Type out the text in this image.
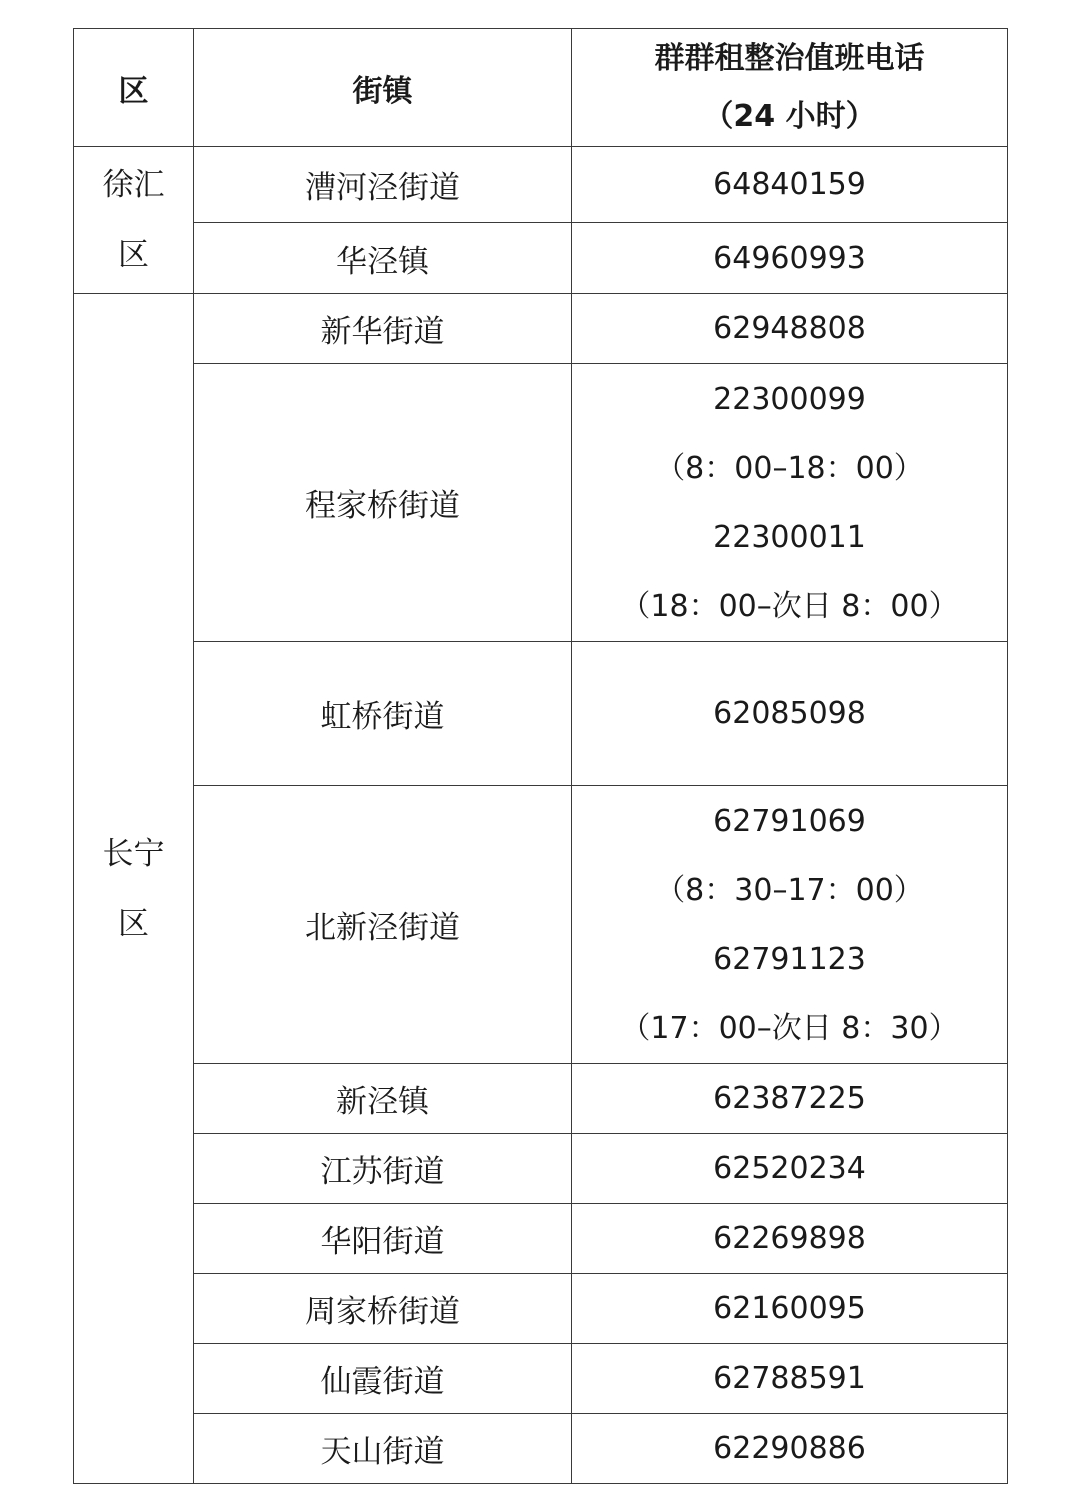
区	街镇	群群租整治值班电话
（24 小时）

徐汇
区	漕河泾街道	64840159
	华泾镇	64960993

长宁
区	新华街道	62948808

	程家桥街道	22300099
（8：00–18：00）
22300011
（18：00–次日 8：00）

	虹桥街道	62085098

	北新泾街道	62791069
（8：30–17：00）
62791123
（17：00–次日 8：30）

	新泾镇	62387225

	江苏街道	62520234

	华阳街道	62269898

	周家桥街道	62160095

	仙霞街道	62788591

	天山街道	62290886
